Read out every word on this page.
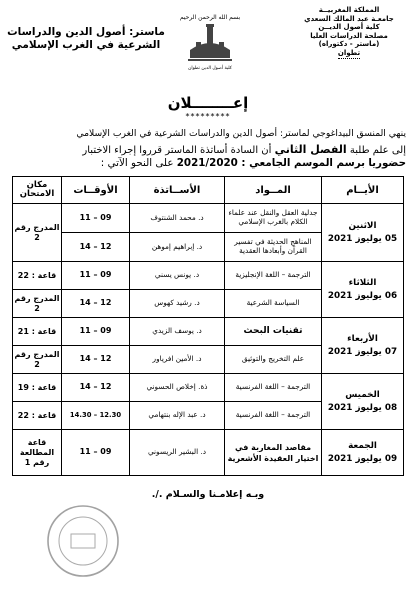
المملكة المغربيــة
جامعـة عبد المالك السعدي
كلية أصول الديــن
مصلحة الدراسات العليا
(ماستر - دكتوراه)
تطوان
بسم الله الرحمن الرحيم
كلية أصول الدين تطوان
ماستر: أصول الدين والدراسات
الشرعية في الغرب الإسلامي
إعــــــــلان
*********
ينهي المنسق البيداغوجي لماستر: أصول الدين والدراسات الشرعية في الغرب الإسلامي
إلى علم طلبة الفصل الثاني أن السادة أساتذة الماستر قرروا إجراء الاختبار
حضوريا برسم الموسم الجامعي : 2021/2020 على النحو الآتي :
الأيــام	المــواد	الأســاتذة	الأوقــات	مكان الامتحان

الاثنين
05 يوليوز 2021	جدلية العقل والنقل عند علماء الكلام بالغرب الإسلامي	د. محمد الشنتوف	09 – 11	المدرج رقم 2
	المناهج الحديثة في تفسير القرآن وأبعادها العقدية	د. إبراهيم إموهن	12 – 14	

الثلاثاء
06 يوليوز 2021	الترجمة – اللغة الإنجليزية	د. يونس يسني	09 – 11	قاعة : 22
	السياسة الشرعية	د. رشيد كهوس	12 – 14	المدرج رقم 2

الأربعاء
07 يوليوز 2021	تقنيات البحث	د. يوسف الزيدي	09 – 11	قاعة : 21
	علم التخريج والتوثيق	د. الأمين افرياور	12 – 14	المدرج رقم 2

الخميس
08 يوليوز 2021	الترجمة – اللغة الفرنسية	ذة. إخلاص الحسوني	12 – 14	قاعة : 19
	الترجمة – اللغة الفرنسية	د. عبد الإله بنتهامي	12.30 – 14.30	قاعة : 22

الجمعة
09 يوليوز 2021	مقاصد المغاربة في اختيار العقيدة الأشعرية	د. البشير الريسوني	09 – 11	قاعة المطالعة رقم 1
وبـه إعلامـنا والسـلام ./.
